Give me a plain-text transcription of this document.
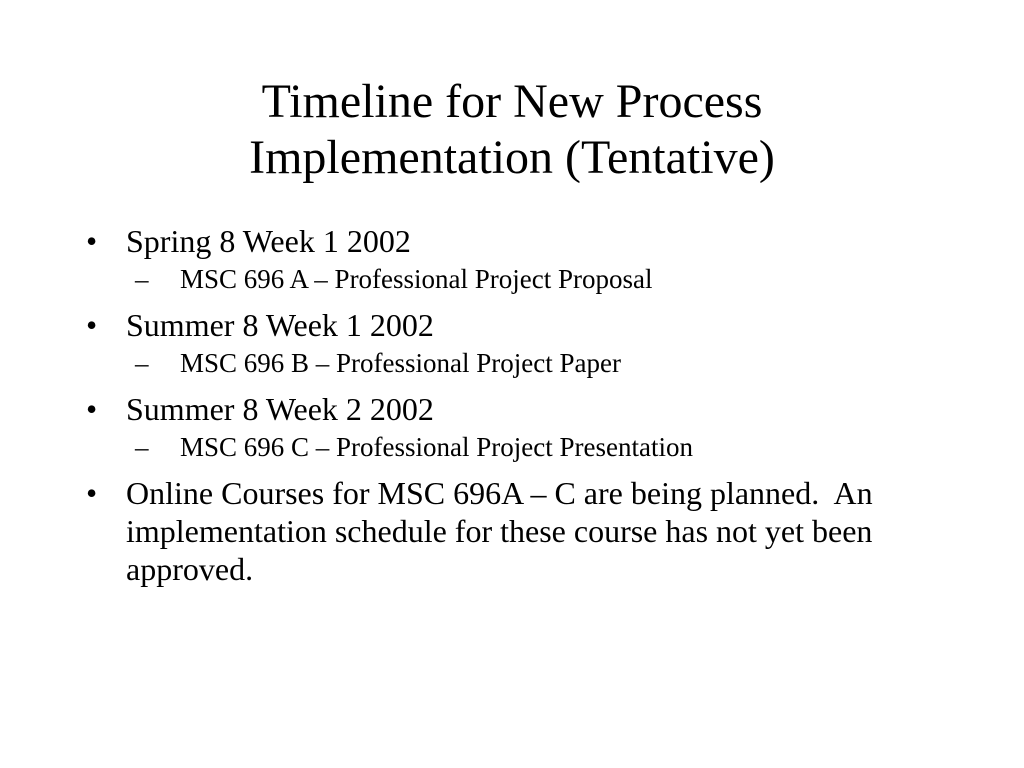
Timeline for New Process
Implementation (Tentative)
• Spring 8 Week 1 2002
–	MSC 696 A – Professional Project Proposal
• Summer 8 Week 1 2002
–	MSC 696 B – Professional Project Paper
• Summer 8 Week 2 2002
–	MSC 696 C – Professional Project Presentation
• Online Courses for MSC 696A – C are being planned.  An implementation schedule for these course has not yet been approved.
